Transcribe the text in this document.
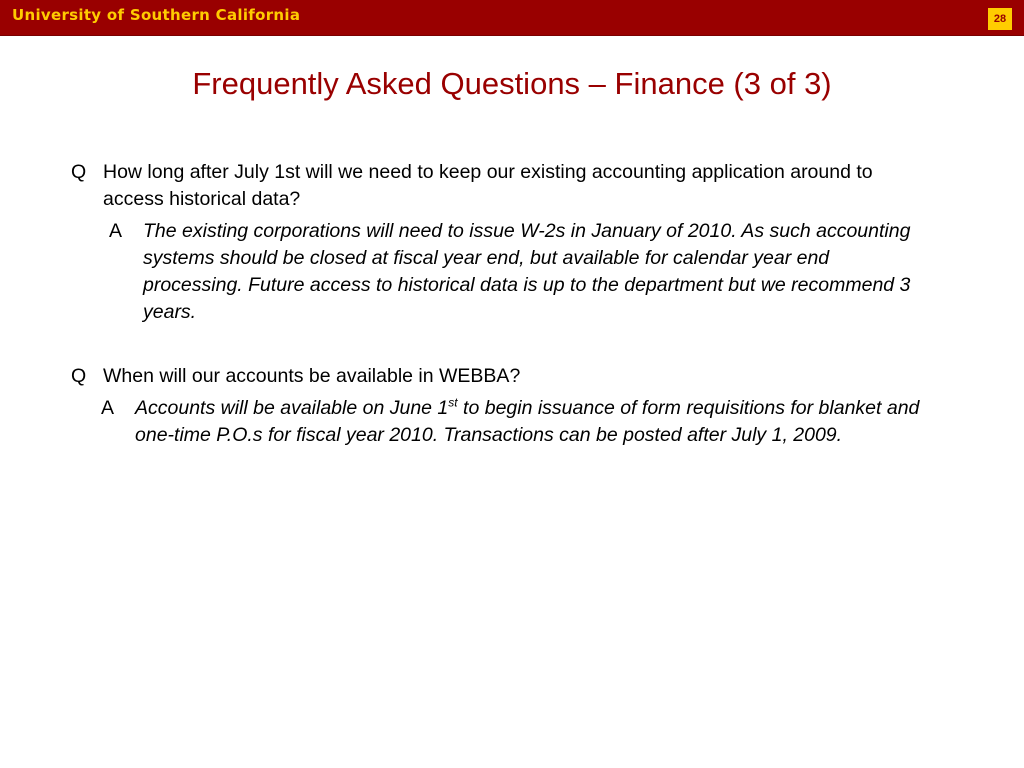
University of Southern California	28
Frequently Asked Questions – Finance (3 of 3)
Q How long after July 1st will we need to keep our existing accounting application around to access historical data?
A The existing corporations will need to issue W-2s in January of 2010. As such accounting systems should be closed at fiscal year end, but available for calendar year end processing. Future access to historical data is up to the department but we recommend 3 years.
Q When will our accounts be available in WEBBA?
A Accounts will be available on June 1st to begin issuance of form requisitions for blanket and one-time P.O.s for fiscal year 2010. Transactions can be posted after July 1, 2009.
